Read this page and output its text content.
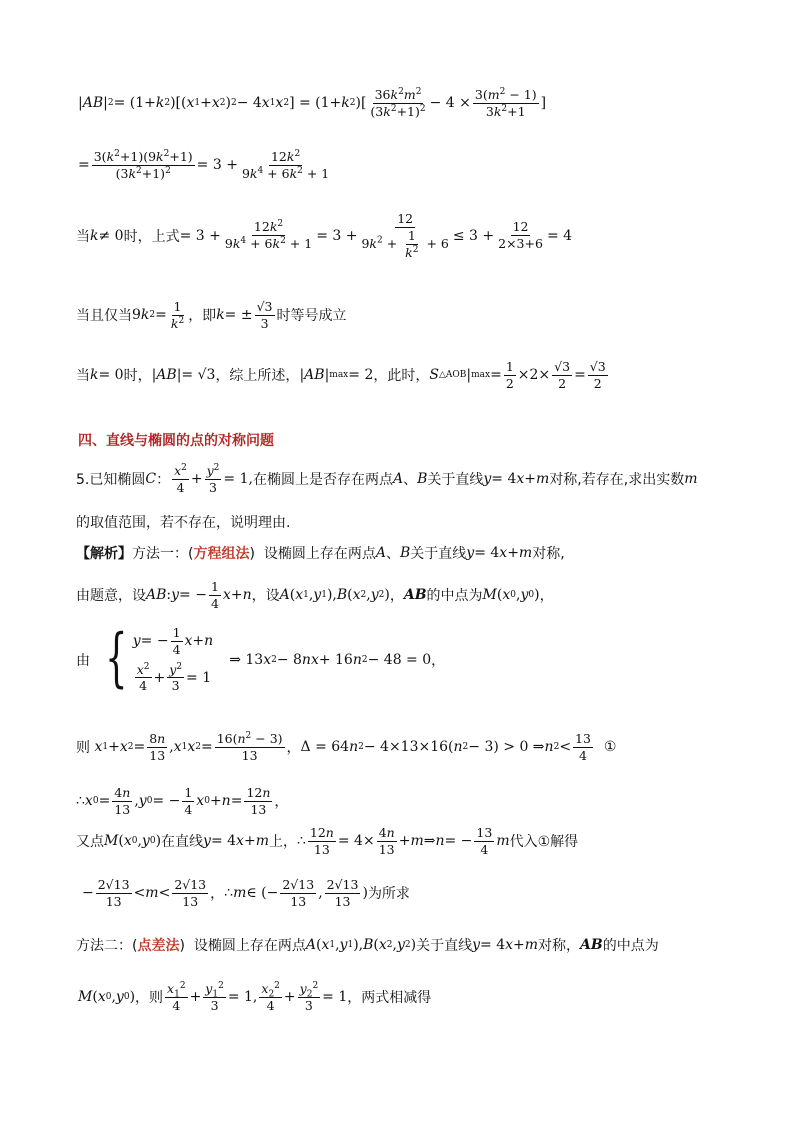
| AB | 2 = (1+ k 2 )[( x 1 + x 2 ) 2 − 4 x 1 x 2 ] = (1+ k 2 )[ $\frac{36k^2m^2}{(3k^2+1)^2} - 4 \times \frac{3(m^2 - 1)}{3k^2+1}$ ]
= $\frac{3(k^2+1)(9k^2+1)}{(3k^2+1)^2} = 3 + \frac{12k^2}{9k^4 + 6k^2 + 1}$
当 k ≠ 0 时，上式 = $3 + \frac{12k^2}{9k^4 + 6k^2 + 1} = 3 + \frac{12}{9k^2 + \frac{1}{k^2} + 6} \le 3 + \frac{12}{2\times 3+6} = 4$
当且仅当 9 k $2 = \frac{1}{k^2}$ ，即 k = ± $\frac{√3}{3}$ 时等号成立
当 k = 0 时， | AB |= √3 ，综上所述， | AB | max = 2 ，此时， S △AOB | $\max = \frac{1}{2} \times 2\times \frac{√3}{2} = \frac{√3}{2}$
四、直线与椭圆的点的对称问题
5.已知椭圆 C ： $\frac{x^2}{4} + \frac{y^2}{3} = 1$, 在椭圆上是否存在两点 A 、 B 关于直线 y = 4 x + m 对称,若存在,求出实数 m
的取值范围，若不存在，说明理由.
【解析】 方法一：( 方程组法 )  设椭圆上存在两点 A 、 B 关于直线 y = 4 x + m 对称,
由题意，设 AB : y = − $\frac{1}{4}$ x + n ，设 A ( x 1 , y 1 ), B ( x 2 , y 2 ) ， AB 的中点为 M ( x 0 , y 0 ) ，
由 { y = − $\frac{1}{4}$ x + n
$\frac{x^2}{4} + \frac{y^2}{3} = 1$
⇒ 13 x 2 − 8 nx + 16 n 2 − 48 = 0 ，
则 x 1 + x $2 = \frac{8n}{13}$ , x 1 x $2 = \frac{16(n^2 - 3)}{13}$ ， Δ = 64 n 2 − 4×13×16( n 2 − 3) > 0 ⇒ n $2 < \frac{13}{4}$ ①
∴ x $0 = \frac{4n}{13}$ , y 0 = − $\frac{1}{4}$ x $0 + n = \frac{12n}{13}$ ，
又点 M ( x 0 , y 0 ) 在直线 y = 4 x + m 上， ∴ $\frac{12n}{13} = 4\times \frac{4n}{13} + m$ ⇒ n = − $\frac{13}{4}$ m 代入①解得
− $\frac{2√13}{13} < m < \frac{2√13}{13}$ ， ∴ m ∈ (− $\frac{2√13}{13}$ , $\frac{2√13}{13}$ ) 为所求
方法二：( 点差法 )  设椭圆上存在两点 A ( x 1 , y 1 ), B ( x 2 , y 2 ) 关于直线 y = 4 x + m 对称， AB 的中点为
M ( x 0 , y 0 ) ，则 $\frac{x_1^2}{4} + \frac{y_1^2}{3} = 1$, $\frac{x_2^2}{4} + \frac{y_2^2}{3} = 1$ ，两式相减得
